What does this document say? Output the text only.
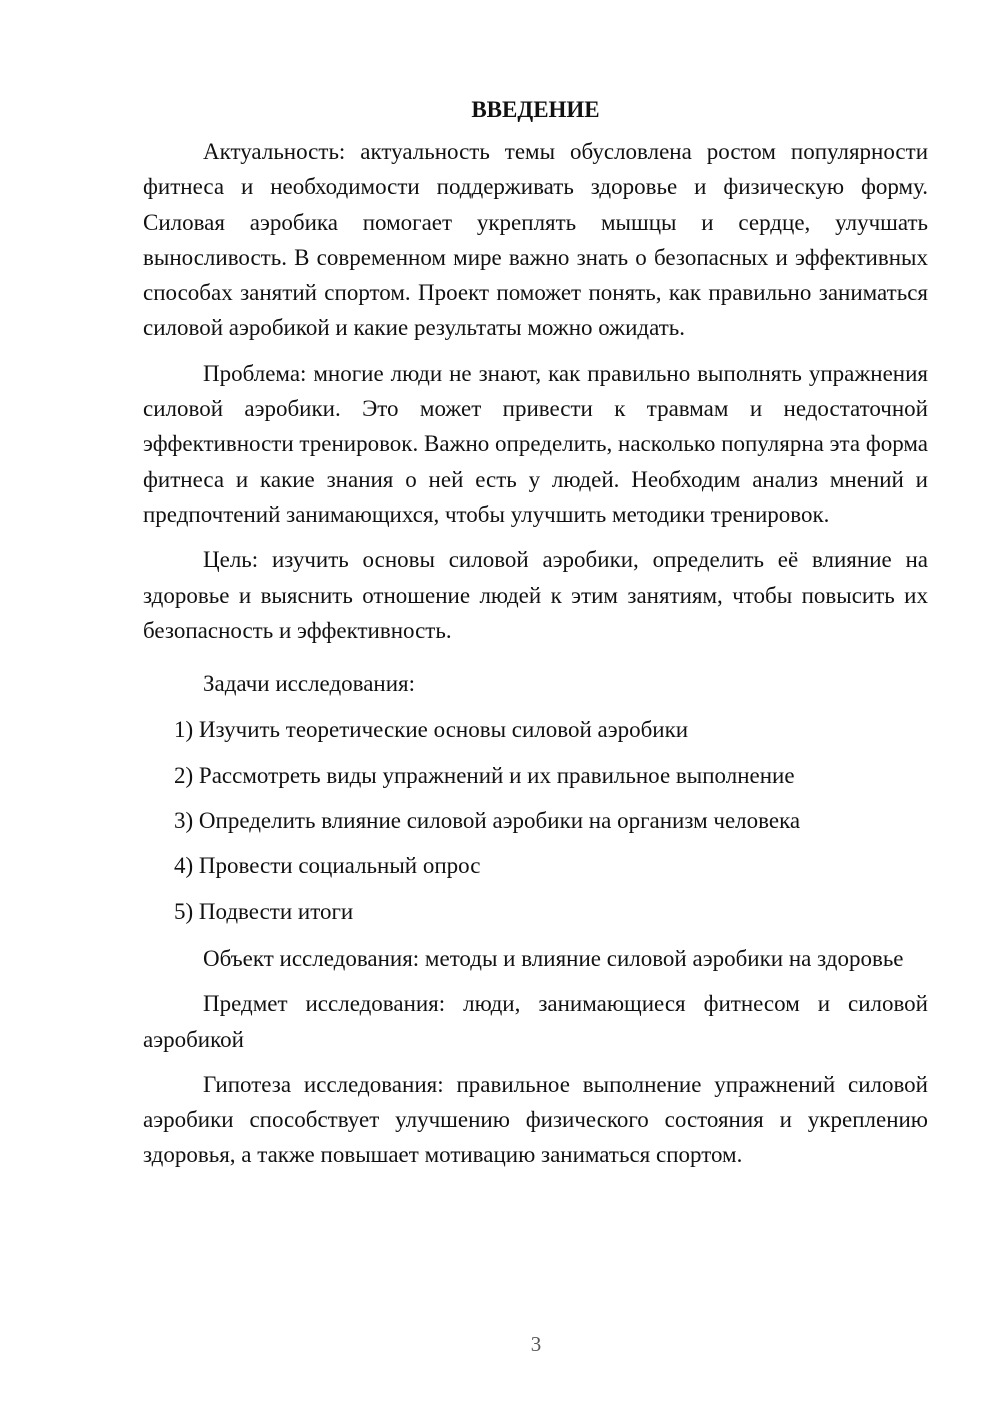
ВВЕДЕНИЕ

Актуальность: актуальность темы обусловлена ростом популярности фитнеса и необходимости поддерживать здоровье и физическую форму. Силовая аэробика помогает укреплять мышцы и сердце, улучшать выносливость. В современном мире важно знать о безопасных и эффективных способах занятий спортом. Проект поможет понять, как правильно заниматься силовой аэробикой и какие результаты можно ожидать.

Проблема: многие люди не знают, как правильно выполнять упражнения силовой аэробики. Это может привести к травмам и недостаточной эффективности тренировок. Важно определить, насколько популярна эта форма фитнеса и какие знания о ней есть у людей. Необходим анализ мнений и предпочтений занимающихся, чтобы улучшить методики тренировок.

Цель: изучить основы силовой аэробики, определить её влияние на здоровье и выяснить отношение людей к этим занятиям, чтобы повысить их безопасность и эффективность.

Задачи исследования:
1) Изучить теоретические основы силовой аэробики
2) Рассмотреть виды упражнений и их правильное выполнение
3) Определить влияние силовой аэробики на организм человека
4) Провести социальный опрос
5) Подвести итоги

Объект исследования: методы и влияние силовой аэробики на здоровье

Предмет исследования: люди, занимающиеся фитнесом и силовой аэробикой

Гипотеза исследования: правильное выполнение упражнений силовой аэробики способствует улучшению физического состояния и укреплению здоровья, а также повышает мотивацию заниматься спортом.

3
